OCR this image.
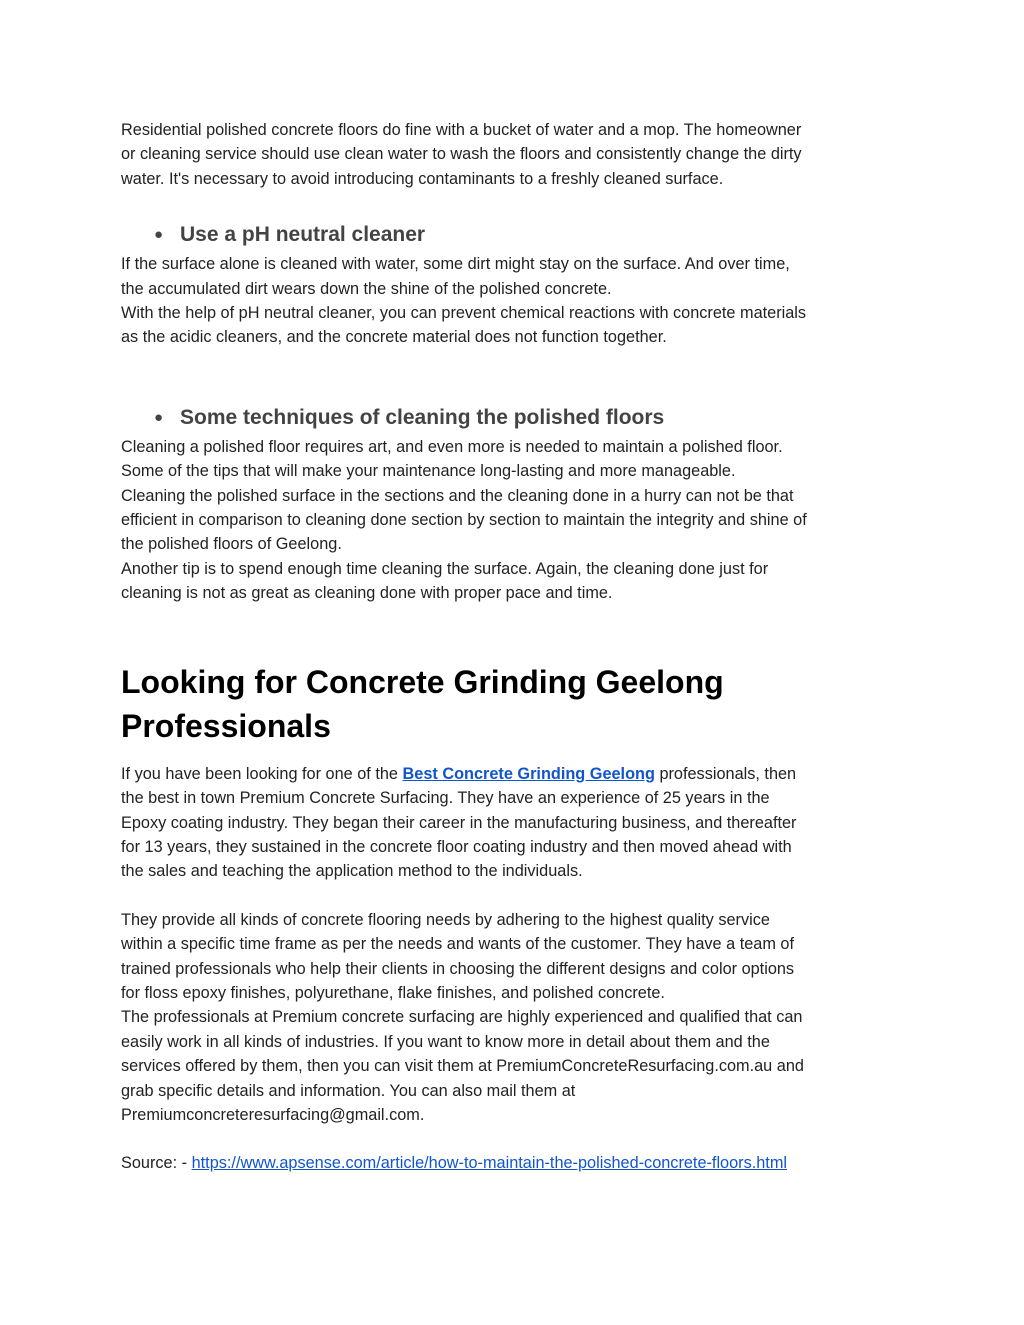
Residential polished concrete floors do fine with a bucket of water and a mop. The homeowner
or cleaning service should use clean water to wash the floors and consistently change the dirty
water. It's necessary to avoid introducing contaminants to a freshly cleaned surface.

● Use a pH neutral cleaner

If the surface alone is cleaned with water, some dirt might stay on the surface. And over time,
the accumulated dirt wears down the shine of the polished concrete.
With the help of pH neutral cleaner, you can prevent chemical reactions with concrete materials
as the acidic cleaners, and the concrete material does not function together.

● Some techniques of cleaning the polished floors

Cleaning a polished floor requires art, and even more is needed to maintain a polished floor.
Some of the tips that will make your maintenance long-lasting and more manageable.
Cleaning the polished surface in the sections and the cleaning done in a hurry can not be that
efficient in comparison to cleaning done section by section to maintain the integrity and shine of
the polished floors of Geelong.
Another tip is to spend enough time cleaning the surface. Again, the cleaning done just for
cleaning is not as great as cleaning done with proper pace and time.

Looking for Concrete Grinding Geelong
Professionals

If you have been looking for one of the Best Concrete Grinding Geelong professionals, then
the best in town Premium Concrete Surfacing. They have an experience of 25 years in the
Epoxy coating industry. They began their career in the manufacturing business, and thereafter
for 13 years, they sustained in the concrete floor coating industry and then moved ahead with
the sales and teaching the application method to the individuals.

They provide all kinds of concrete flooring needs by adhering to the highest quality service
within a specific time frame as per the needs and wants of the customer. They have a team of
trained professionals who help their clients in choosing the different designs and color options
for floss epoxy finishes, polyurethane, flake finishes, and polished concrete.
The professionals at Premium concrete surfacing are highly experienced and qualified that can
easily work in all kinds of industries. If you want to know more in detail about them and the
services offered by them, then you can visit them at PremiumConcreteResurfacing.com.au and
grab specific details and information. You can also mail them at
Premiumconcreteresurfacing@gmail.com.

Source: - https://www.apsense.com/article/how-to-maintain-the-polished-concrete-floors.html
